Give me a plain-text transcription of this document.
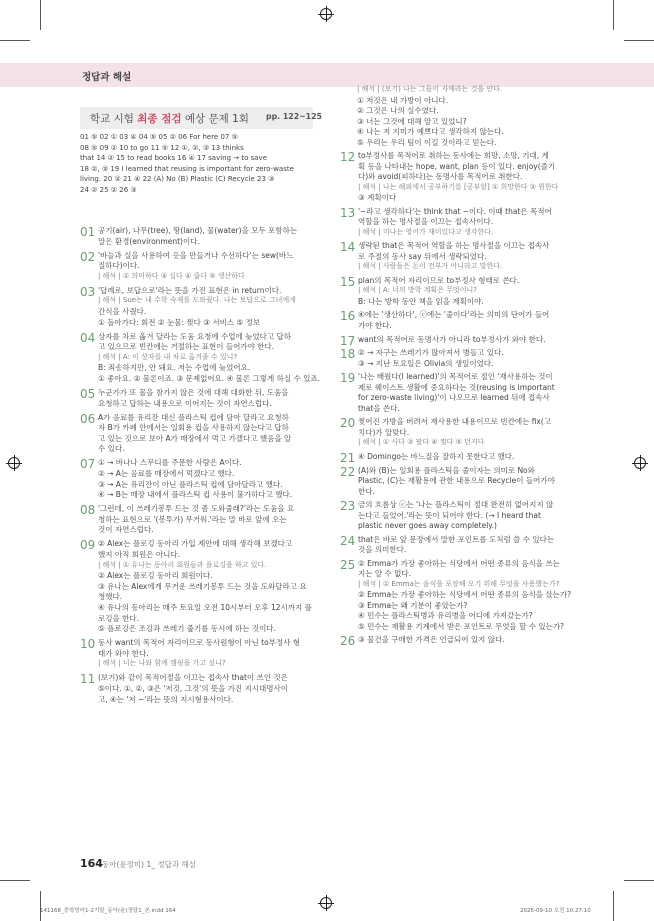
정답과 해설
학교 시험 최종 점검 예상 문제 1회 pp. 122~125
01 ⑤ 02 ① 03 ④ 04 ⑤ 05 ② 06 For here 07 ⑤
08 ⑤ 09 ② 10 to go 11 ⑤ 12 ①, ②, ③ 13 thinks
that 14 ② 15 to read books 16 ④ 17 saving → to save
18 ②, ③ 19 I learned that reusing is important for zero-waste
living. 20 ② 21 ④ 22 (A) No (B) Plastic (C) Recycle 23 ③
24 ② 25 ② 26 ③
01 공기(air), 나무(tree), 땅(land), 물(water)을 모두 포함하는
말은 환경(environment)이다.
02 '바늘과 실을 사용하여 옷을 만들거나 수선하다'는 sew(바느
질하다)이다.
| 해석 | ② 의미하다 ③ 십다 ④ 줍다 ⑤ 생산하다
03 '답례로, 보답으로'라는 뜻을 가진 표현은 in return이다.
| 해석 | Sue는 내 수학 숙제를 도와줬다. 나는 보답으로 그녀에게
간식을 사줬다.
① 돌아가다: 회전 ② 눈물: 찢다 ③ 서비스 ⑤ 정보
04 상자를 차로 옮겨 달라는 도움 요청에 수업에 늦었다고 답하
고 있으므로 빈칸에는 거절하는 표현이 들어가야 한다.
| 해석 | A: 이 상자를 내 차로 옮겨줄 수 있니?
B: 죄송하지만, 안 돼요. 저는 수업에 늦었어요.
① 좋아요. ② 물론이죠. ③ 문제없어요. ④ 물론 그렇게 하실 수 있죠.
05 누군가가 또 물을 참가지 않은 것에 대해 대화한 뒤, 도움을
요청하고 답하는 내용으로 이어지는 것이 자연스럽다.
06 A가 음료를 유리잔 대신 플라스틱 컵에 담아 달라고 요청하
자 B가 카페 안에서는 일회용 컵을 사용하지 않는다고 답하
고 있는 것으로 보아 A가 매장에서 먹고 가겠다고 했음을 알
수 있다.
07 ① → 바나나 스무디를 주문한 사람은 A이다.
② → A는 음료를 매장에서 먹겠다고 했다.
③ → A는 유리잔이 아닌 플라스틱 컵에 담아달라고 했다.
④ → B는 매장 내에서 플라스틱 컵 사용이 불가하다고 했다.
08 '그런데, 이 쓰레기봉투 드는 것 좀 도와줄래?'라는 도움을 요
청하는 표현으로 '(봉투가) 무거워.'라는 말 바로 앞에 오는
것이 자연스럽다.
09 ② Alex는 플로깅 동아리 가입 제안에 대해 생각해 보겠다고
했지 아직 회원은 아니다.
| 해석 | ① 유나는 동아리 회원들과 플로깅을 하고 있다.
② Alex는 플로깅 동아리 회원이다.
③ 유나는 Alex에게 무거운 쓰레기봉투 드는 것을 도와달라고 요
청했다.
④ 유나의 동아리는 매주 토요일 오전 10시부터 오후 12시까지 플
로깅을 한다.
⑤ 플로깅은 조깅과 쓰레기 줍기를 동시에 하는 것이다.
10 동사 want의 목적어 자리이므로 동사원형이 아닌 to부정사 형
태가 와야 한다.
| 해석 | 너는 나와 함께 캠핑을 가고 싶니?
11 (보기)와 같이 목적어절을 이끄는 접속사 that이 쓰인 것은
⑤이다. ①, ②, ③은 '저것, 그것'의 뜻을 가진 지시대명사이
고, ④는 '저 ~'라는 뜻의 지시형용사이다.
| 해석 | (보기) 나는 그들이 자매라는 것을 안다.
① 저것은 내 가방이 아니다.
② 그것은 나의 실수였다.
③ 너는 그것에 대해 알고 있었니?
④ 나는 저 지미가 예쁘다고 생각하지 않는다.
⑤ 우리는 우리 팀이 이길 것이라고 믿는다.
12 to부정사를 목적어로 취하는 동사에는 희망, 소망, 기대, 계
획 등을 나타내는 hope, want, plan 등이 있다. enjoy(즐기
다)와 avoid(피하다)는 동명사를 목적어로 취한다.
| 해석 | 나는 해외에서 공부하기를 [공부할] ① 희망한다 ② 원한다
③ 계획이다
13 '~라고 생각하다'는 think that ~이다. 이때 that은 목적어
역할을 하는 명사절을 이끄는 접속사이다.
| 해석 | 미나는 영어가 재미있다고 생각한다.
14 생략된 that은 목적어 역할을 하는 명사절을 이끄는 접속사
로 주절의 동사 say 뒤에서 생략되었다.
| 해석 | 사람들은 돈이 전부가 아니라고 말한다.
15 plan의 목적어 자리이므로 to부정사 형태로 쓴다.
| 해석 | A: 너의 방학 계획은 무엇이니?
B: 나는 방학 동안 책을 읽을 계획이야.
16 ④에는 '생산하다', ⓒ에는 '줄이다'라는 의미의 단어가 들어
가야 한다.
17 want의 목적어로 동명사가 아니라 to부정사가 와야 한다.
18 ② → 자구는 쓰레기가 많아져서 병들고 있다.
③ → 지난 토요일은 Olivia의 생일이었다.
19 '나는 배웠다(I learned)'의 목적어로 절인 '재사용하는 것이
제로 웨이스트 생활에 중요하다는 것(reusing is important
for zero-waste living)'이 나오므로 learned 뒤에 접속사
that을 쓴다.
20 찢어진 가방을 버려서 재사용한 내용이므로 빈칸에는 fix(고
치다)가 알맞다.
| 해석 | ① 사다 ③ 팔다 ④ 찢다 ⑤ 던지다
21 ④ Domingo는 바느질을 잘하지 못한다고 했다.
22 (A)와 (B)는 일회용 플라스틱을 줄이자는 의미로 No와
Plastic, (C)는 재활용에 관한 내용으로 Recycle이 들어가야
한다.
23 금의 흐름상 ⓒ는 '나는 플라스틱이 절대 완전히 없어지지 않
는다고 들었어.'라는 뜻이 되어야 한다. (→ I heard that
plastic never goes away completely.)
24 that은 바로 앞 문장에서 말한 포인트를 도처럼 쓸 수 있다는
것을 의미한다.
25 ② Emma가 가장 좋아하는 식당에서 어떤 종류의 음식을 쓰는
지는 알 수 없다.
| 해석 | ① Emma는 음식을 포장해 오기 위해 무엇을 사용했는가?
② Emma는 가장 좋아하는 식당에서 어떤 종류의 음식을 샀는가?
③ Emma는 왜 기분이 좋았는가?
④ 민수는 플라스틱병과 유리병을 어디에 가져갔는가?
⑤ 민수는 재활용 기계에서 받은 포인트로 무엇을 할 수 있는가?
26 ③ 물건을 구매한 가격은 언급되어 있지 않다.
164 동아(윤정미) 1_ 정답과 해설
141168_중학영어1-2기말_동아(윤)정답1_본.indd 164	2025-09-10 오전 10:27:10
